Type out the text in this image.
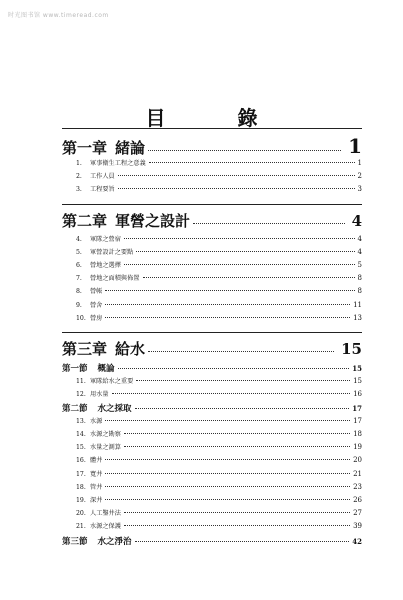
时光图书馆 www.timeread.com
目　錄
第一章 緒論	1
1.	軍事衛生工程之意義	1
2.	工作人員	2
3.	工程要旨	3
第二章 軍營之設計	4
4.	軍隊之營宿	4
5.	軍營設計之要點	4
6.	營地之選擇	5
7.	營地之面積與佈置	8
8.	營帳	8
9.	營舍	11
10. 營房	13
第三章 給水	15
第一節 概論	15
11. 軍隊給水之重要	15
12. 用水量	16
第二節 水之採取	17
13. 水源	17
14. 水源之勘察	18
15. 水量之測算	19
16. 體井	20
17. 寬井	21
18. 管井	23
19. 深井	26
20. 人工鑿井法	27
21. 水源之保護	39
第三節 水之淨治	42
